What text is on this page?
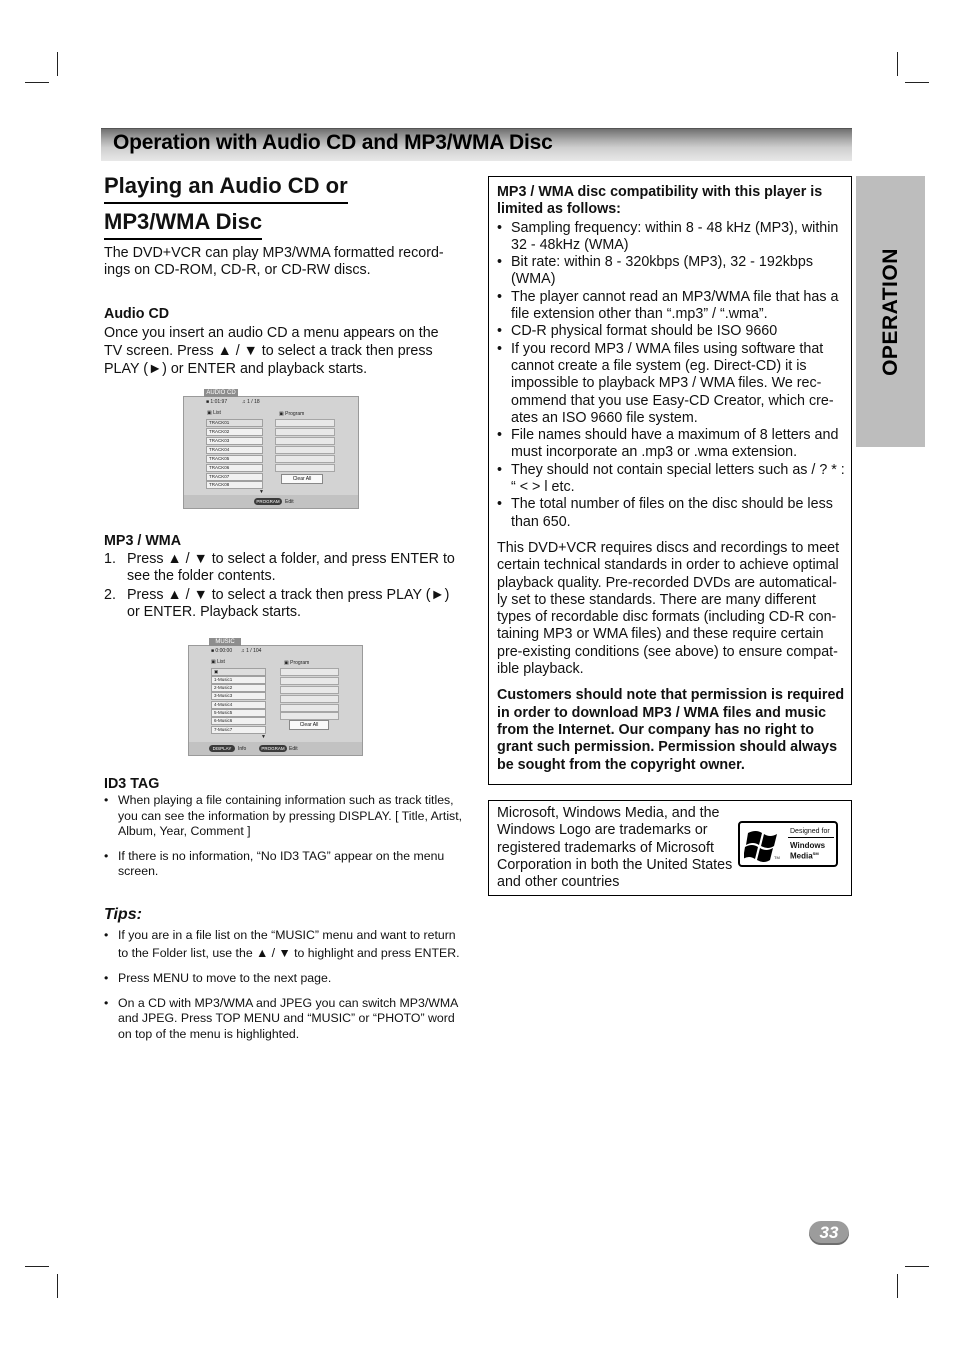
Operation with Audio CD and MP3/WMA Disc
OPERATION
Playing an Audio CD or
MP3/WMA Disc
The DVD+VCR can play MP3/WMA formatted record- ings on CD-ROM, CD-R, or CD-RW discs.
Audio CD
Once you insert an audio CD a menu appears on the TV screen. Press ▲ / ▼ to select a track then press PLAY (►) or ENTER and playback starts.
AUDIO CD
■ 1:01:97	♫ 1 / 18
▣ List	▣ Program
TRACK01
TRACK02
TRACK03
TRACK04
TRACK05
TRACK06
TRACK07
TRACK08
▼
Clear All
PROGRAM	Edit
MP3 / WMA
1. Press ▲ / ▼ to select a folder, and press ENTER to see the folder contents.
2. Press ▲ / ▼ to select a track then press PLAY (►) or ENTER. Playback starts.
MUSIC
■ 0:00:00 ♫ 1 / 104
▣ List	▣ Program
▣
1-Music1
2-Music2
3-Music3
4-Music4
5-Music5
6-Music6
7-Music7
▼
Clear All
DISPLAY	Info	PROGRAM Edit
ID3 TAG
• When playing a file containing information such as track titles, you can see the information by pressing DISPLAY. [ Title, Artist, Album, Year, Comment ]
• If there is no information, “No ID3 TAG” appear on the menu screen.
Tips:
• If you are in a file list on the “MUSIC” menu and want to return to the Folder list, use the ▲ / ▼ to highlight and press ENTER.
• Press MENU to move to the next page.
• On a CD with MP3/WMA and JPEG you can switch MP3/WMA and JPEG. Press TOP MENU and “MUSIC” or “PHOTO” word on top of the menu is highlighted.
MP3 / WMA disc compatibility with this player is limited as follows:
• Sampling frequency: within 8 - 48 kHz (MP3), within 32 - 48kHz (WMA)
• Bit rate: within 8 - 320kbps (MP3), 32 - 192kbps (WMA)
• The player cannot read an MP3/WMA file that has a file extension other than “.mp3” / “.wma”.
• CD-R physical format should be ISO 9660
• If you record MP3 / WMA files using software that cannot create a file system (eg. Direct-CD) it is impossible to playback MP3 / WMA files. We rec- ommend that you use Easy-CD Creator, which cre- ates an ISO 9660 file system.
• File names should have a maximum of 8 letters and must incorporate an .mp3 or .wma extension.
• They should not contain special letters such as / ? * : “ < > l etc.
• The total number of files on the disc should be less than 650.
This DVD+VCR requires discs and recordings to meet certain technical standards in order to achieve optimal playback quality. Pre-recorded DVDs are automatical- ly set to these standards. There are many different types of recordable disc formats (including CD-R con- taining MP3 or WMA files) and these require certain pre-existing conditions (see above) to ensure compat- ible playback.
Customers should note that permission is required in order to download MP3 / WMA files and music from the Internet. Our company has no right to grant such permission. Permission should always be sought from the copyright owner.
Microsoft, Windows Media, and the Windows Logo are trademarks or registered trademarks of Microsoft Corporation in both the United States and other countries
TM
Designed for
Windows
Media℠
33
